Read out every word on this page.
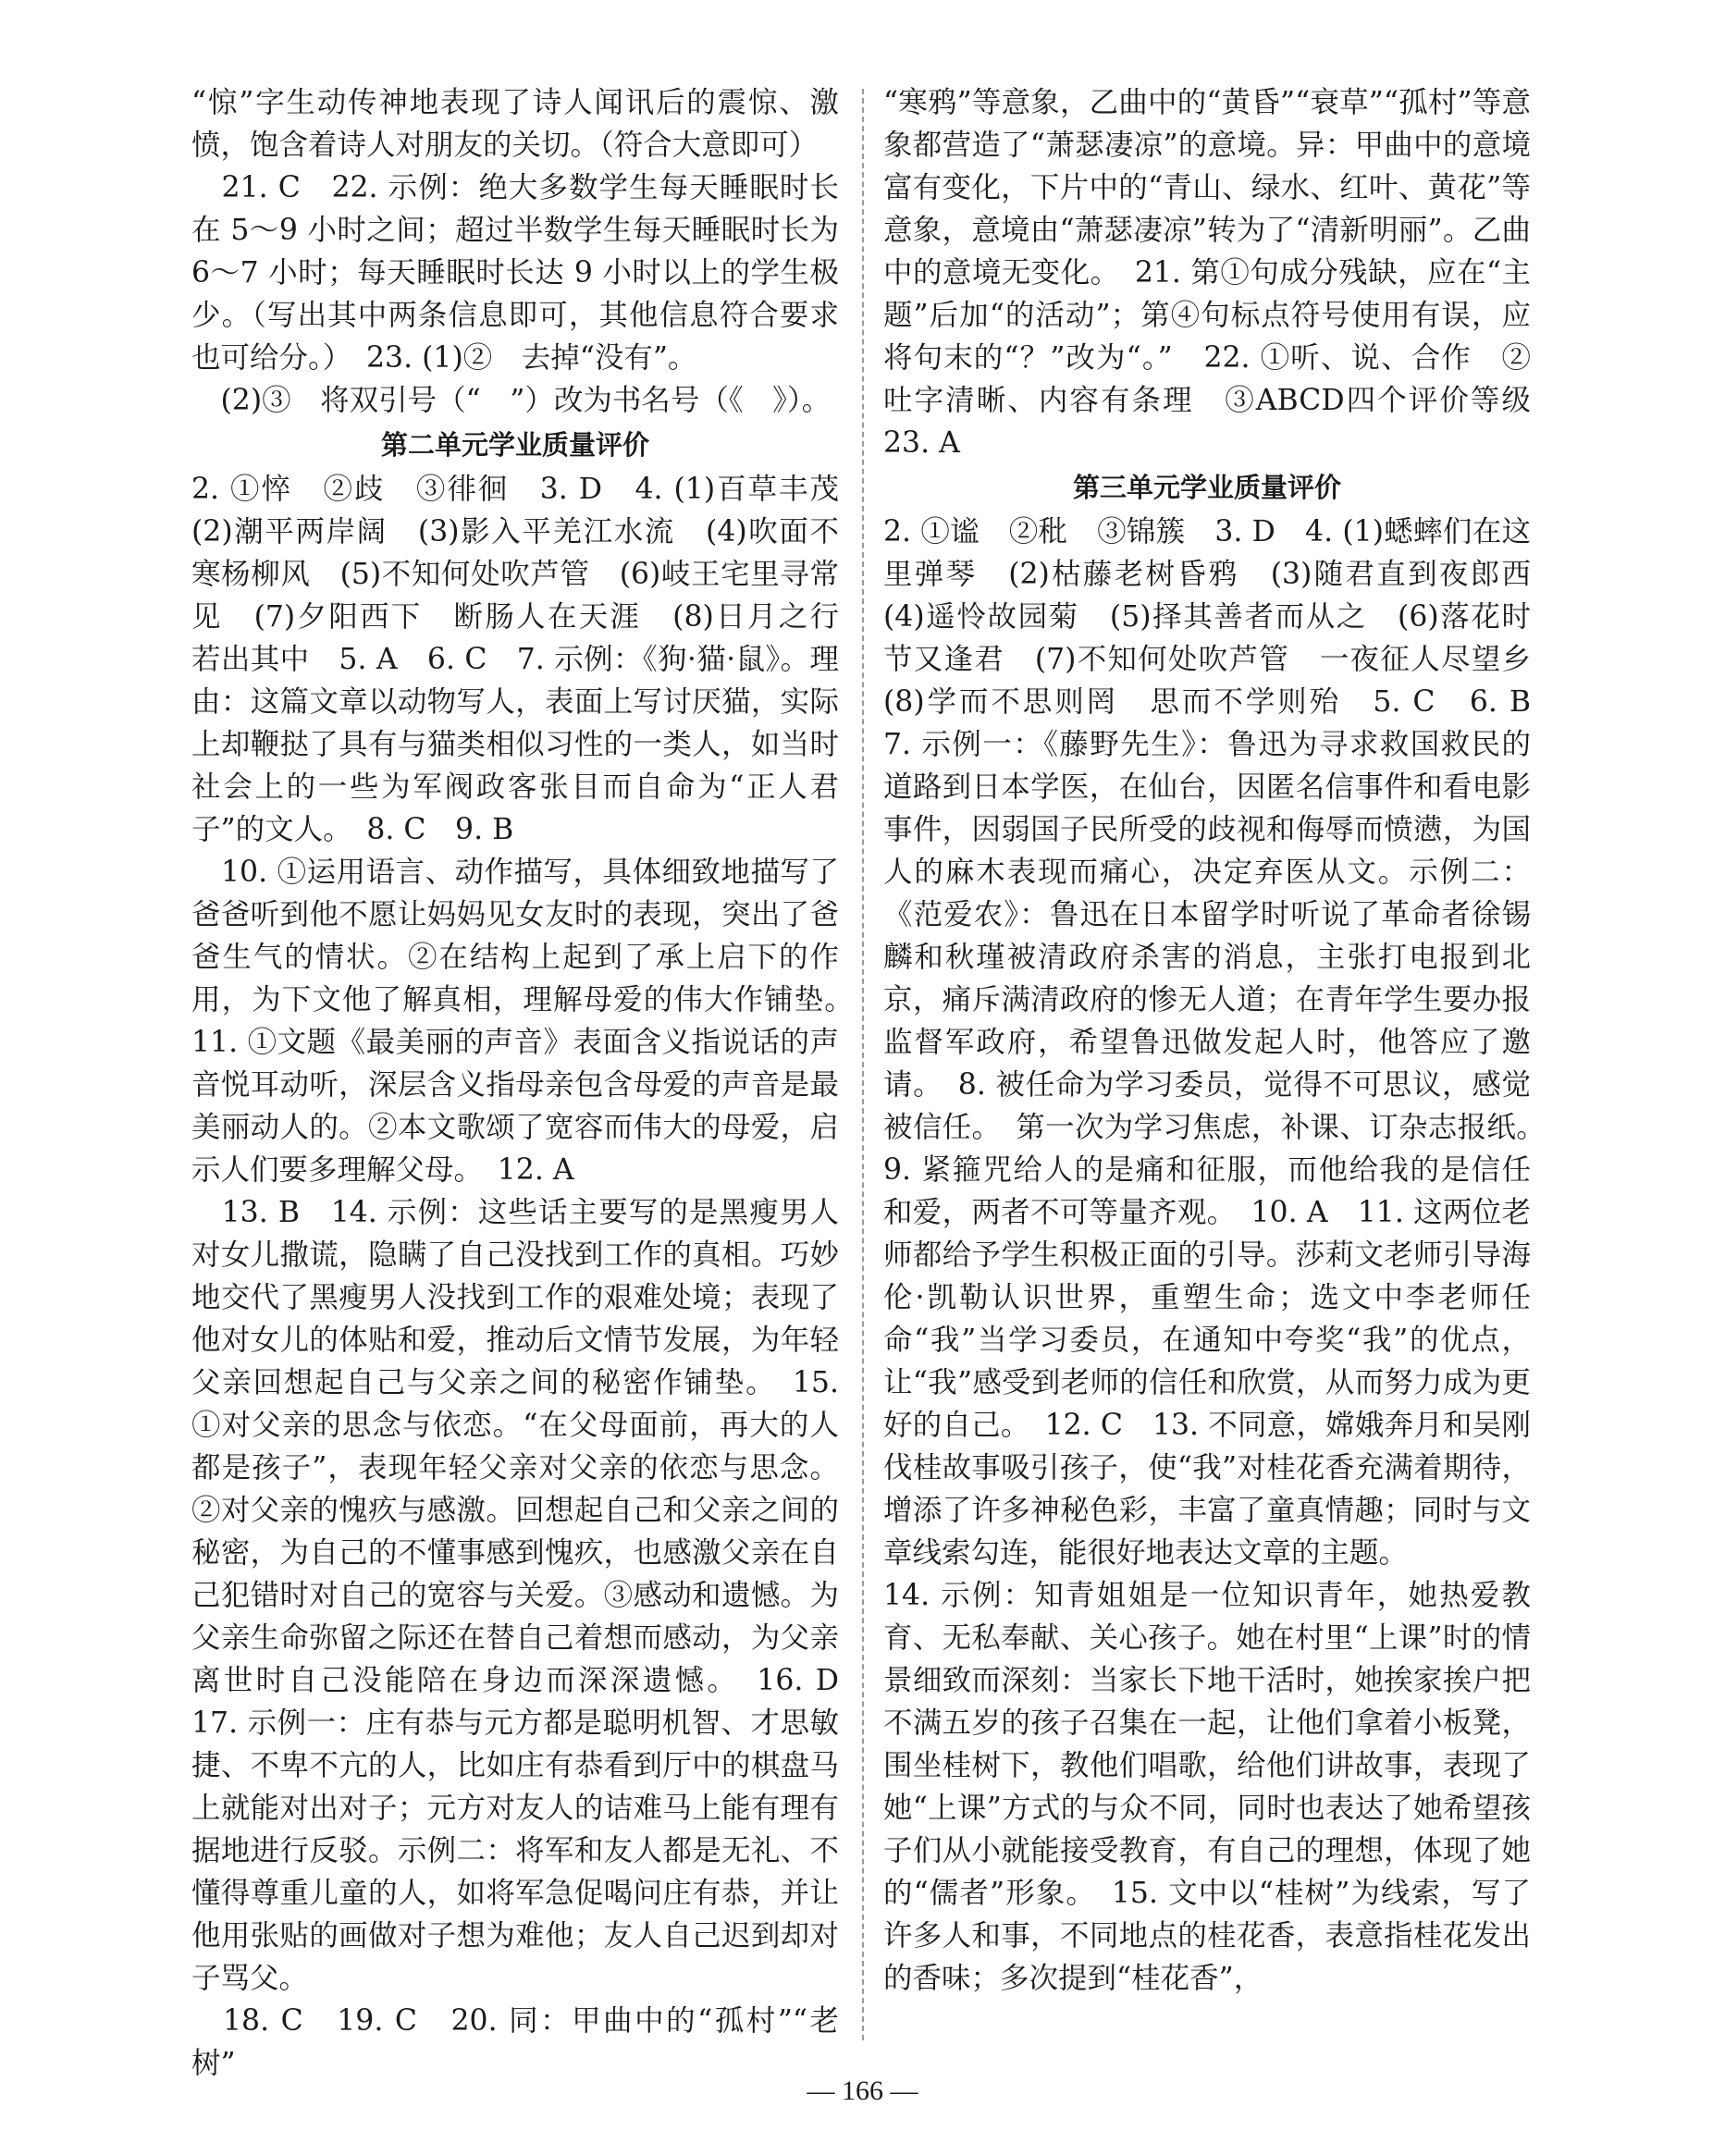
“惊”字生动传神地表现了诗人闻讯后的震惊、激愤，饱含着诗人对朋友的关切。（符合大意即可）

　21. C　22. 示例：绝大多数学生每天睡眠时长在 5～9 小时之间；超过半数学生每天睡眠时长为 6～7 小时；每天睡眠时长达 9 小时以上的学生极少。（写出其中两条信息即可，其他信息符合要求也可给分。）　23. (1)②　去掉“没有”。

　(2)③　将双引号（“　”）改为书名号（《　》）。

第二单元学业质量评价

2. ①悴　②歧　③徘徊　3. D　4. (1)百草丰茂　(2)潮平两岸阔　(3)影入平羌江水流　(4)吹面不寒杨柳风　(5)不知何处吹芦管　(6)岐王宅里寻常见　(7)夕阳西下　断肠人在天涯　(8)日月之行　若出其中　5. A　6. C　7. 示例：《狗·猫·鼠》。理由：这篇文章以动物写人，表面上写讨厌猫，实际上却鞭挞了具有与猫类相似习性的一类人，如当时社会上的一些为军阀政客张目而自命为“正人君子”的文人。　8. C　9. B

　10. ①运用语言、动作描写，具体细致地描写了爸爸听到他不愿让妈妈见女友时的表现，突出了爸爸生气的情状。②在结构上起到了承上启下的作用，为下文他了解真相，理解母爱的伟大作铺垫。　11. ①文题《最美丽的声音》表面含义指说话的声音悦耳动听，深层含义指母亲包含母爱的声音是最美丽动人的。②本文歌颂了宽容而伟大的母爱，启示人们要多理解父母。　12. A

　13. B　14. 示例：这些话主要写的是黑瘦男人对女儿撒谎，隐瞒了自己没找到工作的真相。巧妙地交代了黑瘦男人没找到工作的艰难处境；表现了他对女儿的体贴和爱，推动后文情节发展，为年轻父亲回想起自己与父亲之间的秘密作铺垫。　15. ①对父亲的思念与依恋。“在父母面前，再大的人都是孩子”，表现年轻父亲对父亲的依恋与思念。②对父亲的愧疚与感激。回想起自己和父亲之间的秘密，为自己的不懂事感到愧疚，也感激父亲在自己犯错时对自己的宽容与关爱。③感动和遗憾。为父亲生命弥留之际还在替自己着想而感动，为父亲离世时自己没能陪在身边而深深遗憾。　16. D　17. 示例一：庄有恭与元方都是聪明机智、才思敏捷、不卑不亢的人，比如庄有恭看到厅中的棋盘马上就能对出对子；元方对友人的诘难马上能有理有据地进行反驳。示例二：将军和友人都是无礼、不懂得尊重儿童的人，如将军急促喝问庄有恭，并让他用张贴的画做对子想为难他；友人自己迟到却对子骂父。

　18. C　19. C　20. 同：甲曲中的“孤村”“老树”

“寒鸦”等意象，乙曲中的“黄昏”“衰草”“孤村”等意象都营造了“萧瑟凄凉”的意境。异：甲曲中的意境富有变化，下片中的“青山、绿水、红叶、黄花”等意象，意境由“萧瑟凄凉”转为了“清新明丽”。乙曲中的意境无变化。　21. 第①句成分残缺，应在“主题”后加“的活动”；第④句标点符号使用有误，应将句末的“？”改为“。”　22. ①听、说、合作　②吐字清晰、内容有条理　③ABCD四个评价等级　23. A

第三单元学业质量评价

2. ①谧　②秕　③锦簇　3. D　4. (1)蟋蟀们在这里弹琴　(2)枯藤老树昏鸦　(3)随君直到夜郎西　(4)遥怜故园菊　(5)择其善者而从之　(6)落花时节又逢君　(7)不知何处吹芦管　一夜征人尽望乡　(8)学而不思则罔　思而不学则殆　5. C　6. B　7. 示例一：《藤野先生》：鲁迅为寻求救国救民的道路到日本学医，在仙台，因匿名信事件和看电影事件，因弱国子民所受的歧视和侮辱而愤懑，为国人的麻木表现而痛心，决定弃医从文。示例二：《范爱农》：鲁迅在日本留学时听说了革命者徐锡麟和秋瑾被清政府杀害的消息，主张打电报到北京，痛斥满清政府的惨无人道；在青年学生要办报监督军政府，希望鲁迅做发起人时，他答应了邀请。　8. 被任命为学习委员，觉得不可思议，感觉被信任。　第一次为学习焦虑，补课、订杂志报纸。　9. 紧箍咒给人的是痛和征服，而他给我的是信任和爱，两者不可等量齐观。　10. A　11. 这两位老师都给予学生积极正面的引导。莎莉文老师引导海伦·凯勒认识世界，重塑生命；选文中李老师任命“我”当学习委员，在通知中夸奖“我”的优点，让“我”感受到老师的信任和欣赏，从而努力成为更好的自己。　12. C　13. 不同意，嫦娥奔月和吴刚伐桂故事吸引孩子，使“我”对桂花香充满着期待，增添了许多神秘色彩，丰富了童真情趣；同时与文章线索勾连，能很好地表达文章的主题。

14. 示例：知青姐姐是一位知识青年，她热爱教育、无私奉献、关心孩子。她在村里“上课”时的情景细致而深刻：当家长下地干活时，她挨家挨户把不满五岁的孩子召集在一起，让他们拿着小板凳，围坐桂树下，教他们唱歌，给他们讲故事，表现了她“上课”方式的与众不同，同时也表达了她希望孩子们从小就能接受教育，有自己的理想，体现了她的“儒者”形象。　15. 文中以“桂树”为线索，写了许多人和事，不同地点的桂花香，表意指桂花发出的香味；多次提到“桂花香”，

— 166 —
